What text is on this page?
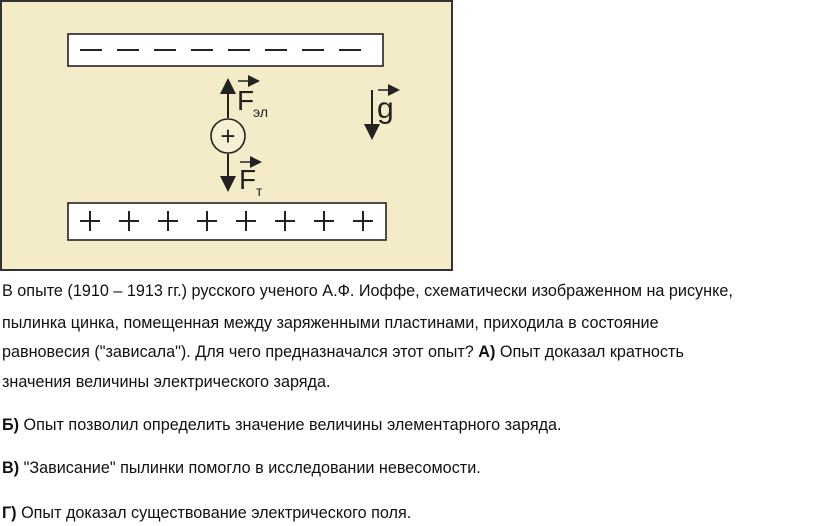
+
F
эл
F т
g
В опыте (1910 – 1913 гг.) русского ученого А.Ф. Иоффе, схематически изображенном на рисунке,
пылинка цинка, помещенная между заряженными пластинами, приходила в состояние
равновесия ("зависала"). Для чего предназначался этот опыт? А) Опыт доказал кратность
значения величины электрического заряда.
Б) Опыт позволил определить значение величины элементарного заряда.
В) "Зависание" пылинки помогло в исследовании невесомости.
Г) Опыт доказал существование электрического поля.
